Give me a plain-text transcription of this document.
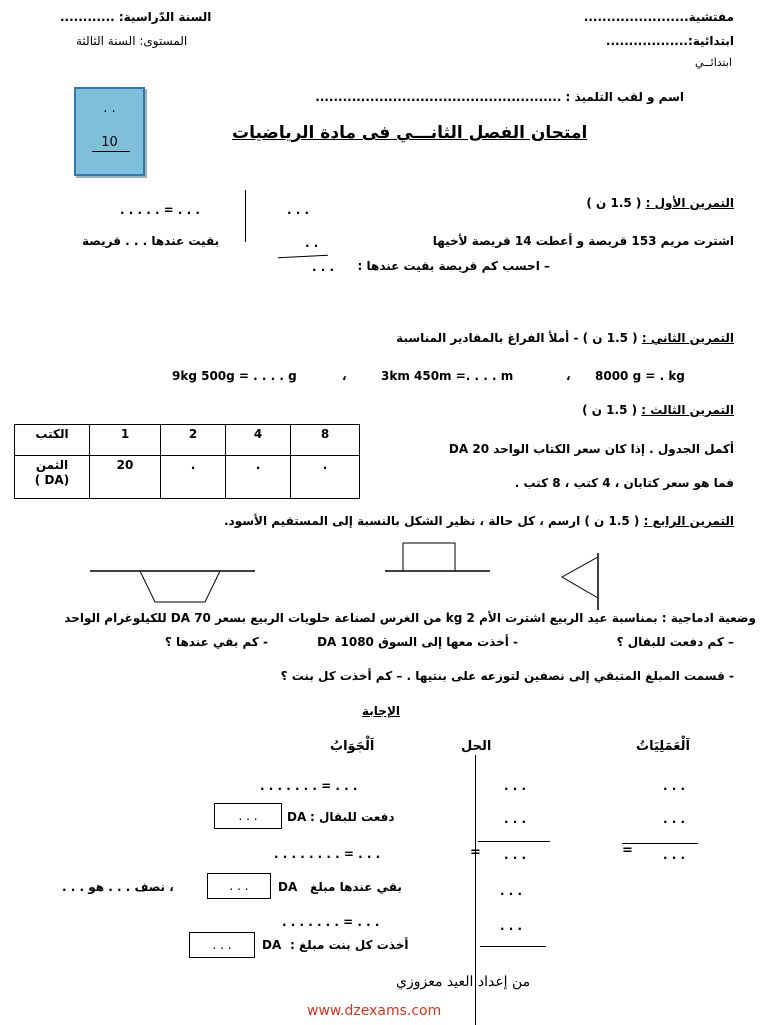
السنة الدّراسية: ............
المستوى: السنة الثالثة
مفتشية.......................
ابتدائية:..................
ابتدائــي
اسم و لقب التلميذ : ......................................................
. .
10	امتحان الفصل الثانـــي فى مادة الرياضيات
التمرين الأول : ( 1.5 ن )
اشترت مريم 153 قريصة و أعطت 14 قريصة لأخيها
– احسب كم قريصة بقيت عندها :
. . . . . = . . .
بقيت عندها . . . قريصة
. . .
. .
. . .
التمرين الثاني : ( 1.5 ن ) - أملأ الفراغ بالمقادير المناسبة
9kg 500g = . . . . g	،	3km 450m =. . . . m	، 8000 g = . kg
التمرين الثالث : ( 1.5 ن )
أكمل الجدول . إذا كان سعر الكتاب الواحد DA 20
فما هو سعر كتابان ، 4 كتب ، 8 كتب .
الكتب	1	2	4	8

الثمن
( DA)	20	.	.	.
التمرين الرابع : ( 1.5 ن ) ارسم ، كل حالة ، نظير الشكل بالنسبة إلى المستقيم الأسود.
وضعية ادماجية : بمناسبة عيد الربيع اشترت الأم 2 kg من الغرس لصناعة حلويات الربيع بسعر DA 70 للكيلوغرام الواحد
– كم دفعت للبقال ؟
- أخذت معها إلى السوق DA 1080
- كم بقي عندها ؟
- قسمت المبلغ المتبقي إلى نصفين لتوزعه على بنتيها . – كم أخذت كل بنت ؟
الإجابة
اَلْعَمَلِيَاتُ
الحل
اَلْجَوَابُ
. . .
. . .
=	. . .
. . .
. . .
= . . .
. . .
. . .
. . . . . . . = . . .
دفعت للبقال :
DA
. . .
. . . . . . . . = . . .
بقي عندها مبلغ
DA
. . .
، نصف . . . هو . . .
. . . . . . . = . . .
أخذت كل بنت مبلغ :
DA
. . .
من إعداد العيد معزوزي
www.dzexams.com
